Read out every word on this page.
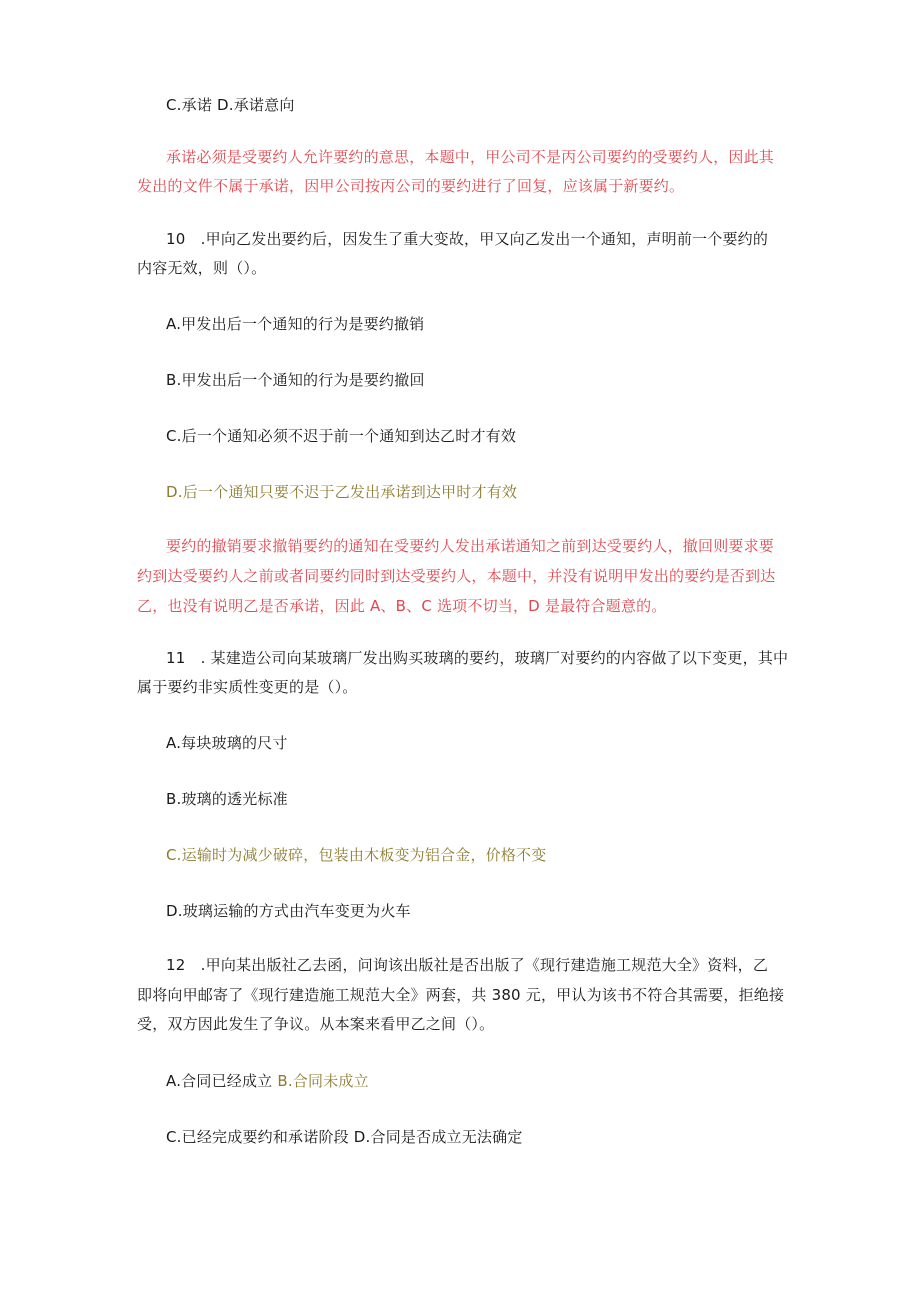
C.承诺 D.承诺意向
承诺必须是受要约人允许要约的意思，本题中，甲公司不是丙公司要约的受要约人，因此其
发出的文件不属于承诺，因甲公司按丙公司的要约进行了回复，应该属于新要约。
10　.甲向乙发出要约后，因发生了重大变故，甲又向乙发出一个通知，声明前一个要约的
内容无效，则（）。
A.甲发出后一个通知的行为是要约撤销
B.甲发出后一个通知的行为是要约撤回
C.后一个通知必须不迟于前一个通知到达乙时才有效
D.后一个通知只要不迟于乙发出承诺到达甲时才有效
要约的撤销要求撤销要约的通知在受要约人发出承诺通知之前到达受要约人，撤回则要求要
约到达受要约人之前或者同要约同时到达受要约人，本题中，并没有说明甲发出的要约是否到达
乙，也没有说明乙是否承诺，因此 A、B、C 选项不切当，D 是最符合题意的。
11　. 某建造公司向某玻璃厂发出购买玻璃的要约，玻璃厂对要约的内容做了以下变更，其中
属于要约非实质性变更的是（）。
A.每块玻璃的尺寸
B.玻璃的透光标准
C.运输时为减少破碎，包装由木板变为铝合金，价格不变
D.玻璃运输的方式由汽车变更为火车
12　.甲向某出版社乙去函，问询该出版社是否出版了《现行建造施工规范大全》资料，乙
即将向甲邮寄了《现行建造施工规范大全》两套，共 380 元，甲认为该书不符合其需要，拒绝接
受，双方因此发生了争议。从本案来看甲乙之间（）。
A.合同已经成立 B.合同未成立
C.已经完成要约和承诺阶段 D.合同是否成立无法确定
